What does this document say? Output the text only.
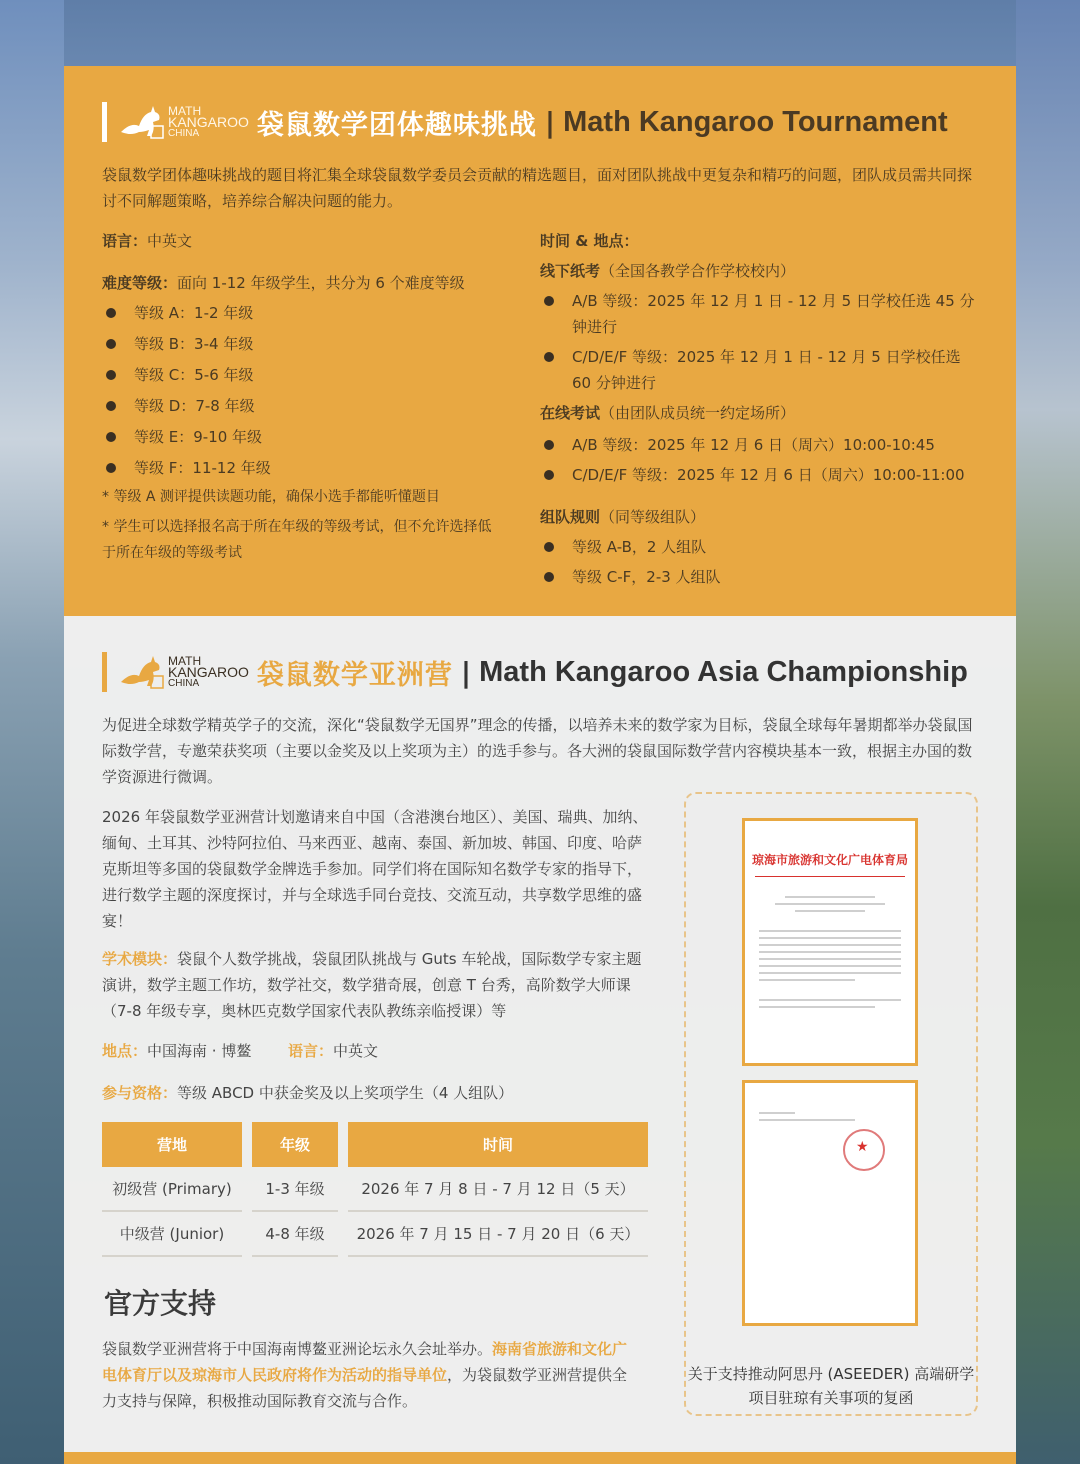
MATH
KANGAROO
CHINA	袋鼠数学团体趣味挑战 | Math Kangaroo Tournament
袋鼠数学团体趣味挑战的题目将汇集全球袋鼠数学委员会贡献的精选题目，面对团队挑战中更复杂和精巧的问题，团队成员需共同探讨不同解题策略，培养综合解决问题的能力。
语言：中英文
难度等级：面向 1-12 年级学生，共分为 6 个难度等级
等级 A：1-2 年级
等级 B：3-4 年级
等级 C：5-6 年级
等级 D：7-8 年级
等级 E：9-10 年级
等级 F：11-12 年级
* 等级 A 测评提供读题功能，确保小选手都能听懂题目
* 学生可以选择报名高于所在年级的等级考试，但不允许选择低于所在年级的等级考试
时间 & 地点：
线下纸考（全国各教学合作学校校内）
A/B 等级：2025 年 12 月 1 日 - 12 月 5 日学校任选 45 分钟进行
C/D/E/F 等级：2025 年 12 月 1 日 - 12 月 5 日学校任选 60 分钟进行
在线考试（由团队成员统一约定场所）
A/B 等级：2025 年 12 月 6 日（周六）10:00-10:45
C/D/E/F 等级：2025 年 12 月 6 日（周六）10:00-11:00
组队规则（同等级组队）
等级 A-B，2 人组队
等级 C-F，2-3 人组队
MATH
KANGAROO
CHINA	袋鼠数学亚洲营 | Math Kangaroo Asia Championship
为促进全球数学精英学子的交流，深化“袋鼠数学无国界”理念的传播，以培养未来的数学家为目标，袋鼠全球每年暑期都举办袋鼠国际数学营，专邀荣获奖项（主要以金奖及以上奖项为主）的选手参与。各大洲的袋鼠国际数学营内容模块基本一致，根据主办国的数学资源进行微调。
2026 年袋鼠数学亚洲营计划邀请来自中国（含港澳台地区）、美国、瑞典、加纳、缅甸、土耳其、沙特阿拉伯、马来西亚、越南、泰国、新加坡、韩国、印度、哈萨克斯坦等多国的袋鼠数学金牌选手参加。同学们将在国际知名数学专家的指导下，进行数学主题的深度探讨，并与全球选手同台竞技、交流互动，共享数学思维的盛宴！
学术模块：袋鼠个人数学挑战，袋鼠团队挑战与 Guts 车轮战，国际数学专家主题演讲，数学主题工作坊，数学社交，数学猎奇展，创意 T 台秀，高阶数学大师课（7-8 年级专享，奥林匹克数学国家代表队教练亲临授课）等
地点：中国海南 · 博鳌 语言：中英文
参与资格：等级 ABCD 中获金奖及以上奖项学生（4 人组队）
营地	年级	时间
初级营 (Primary)	1-3 年级	2026 年 7 月 8 日 - 7 月 12 日（5 天）
中级营 (Junior)	4-8 年级	2026 年 7 月 15 日 - 7 月 20 日（6 天）
官方支持
袋鼠数学亚洲营将于中国海南博鳌亚洲论坛永久会址举办。海南省旅游和文化广电体育厅以及琼海市人民政府将作为活动的指导单位，为袋鼠数学亚洲营提供全力支持与保障，积极推动国际教育交流与合作。
琼海市旅游和文化广电体育局
★
关于支持推动阿思丹 (ASEEDER) 高端研学项目驻琼有关事项的复函
